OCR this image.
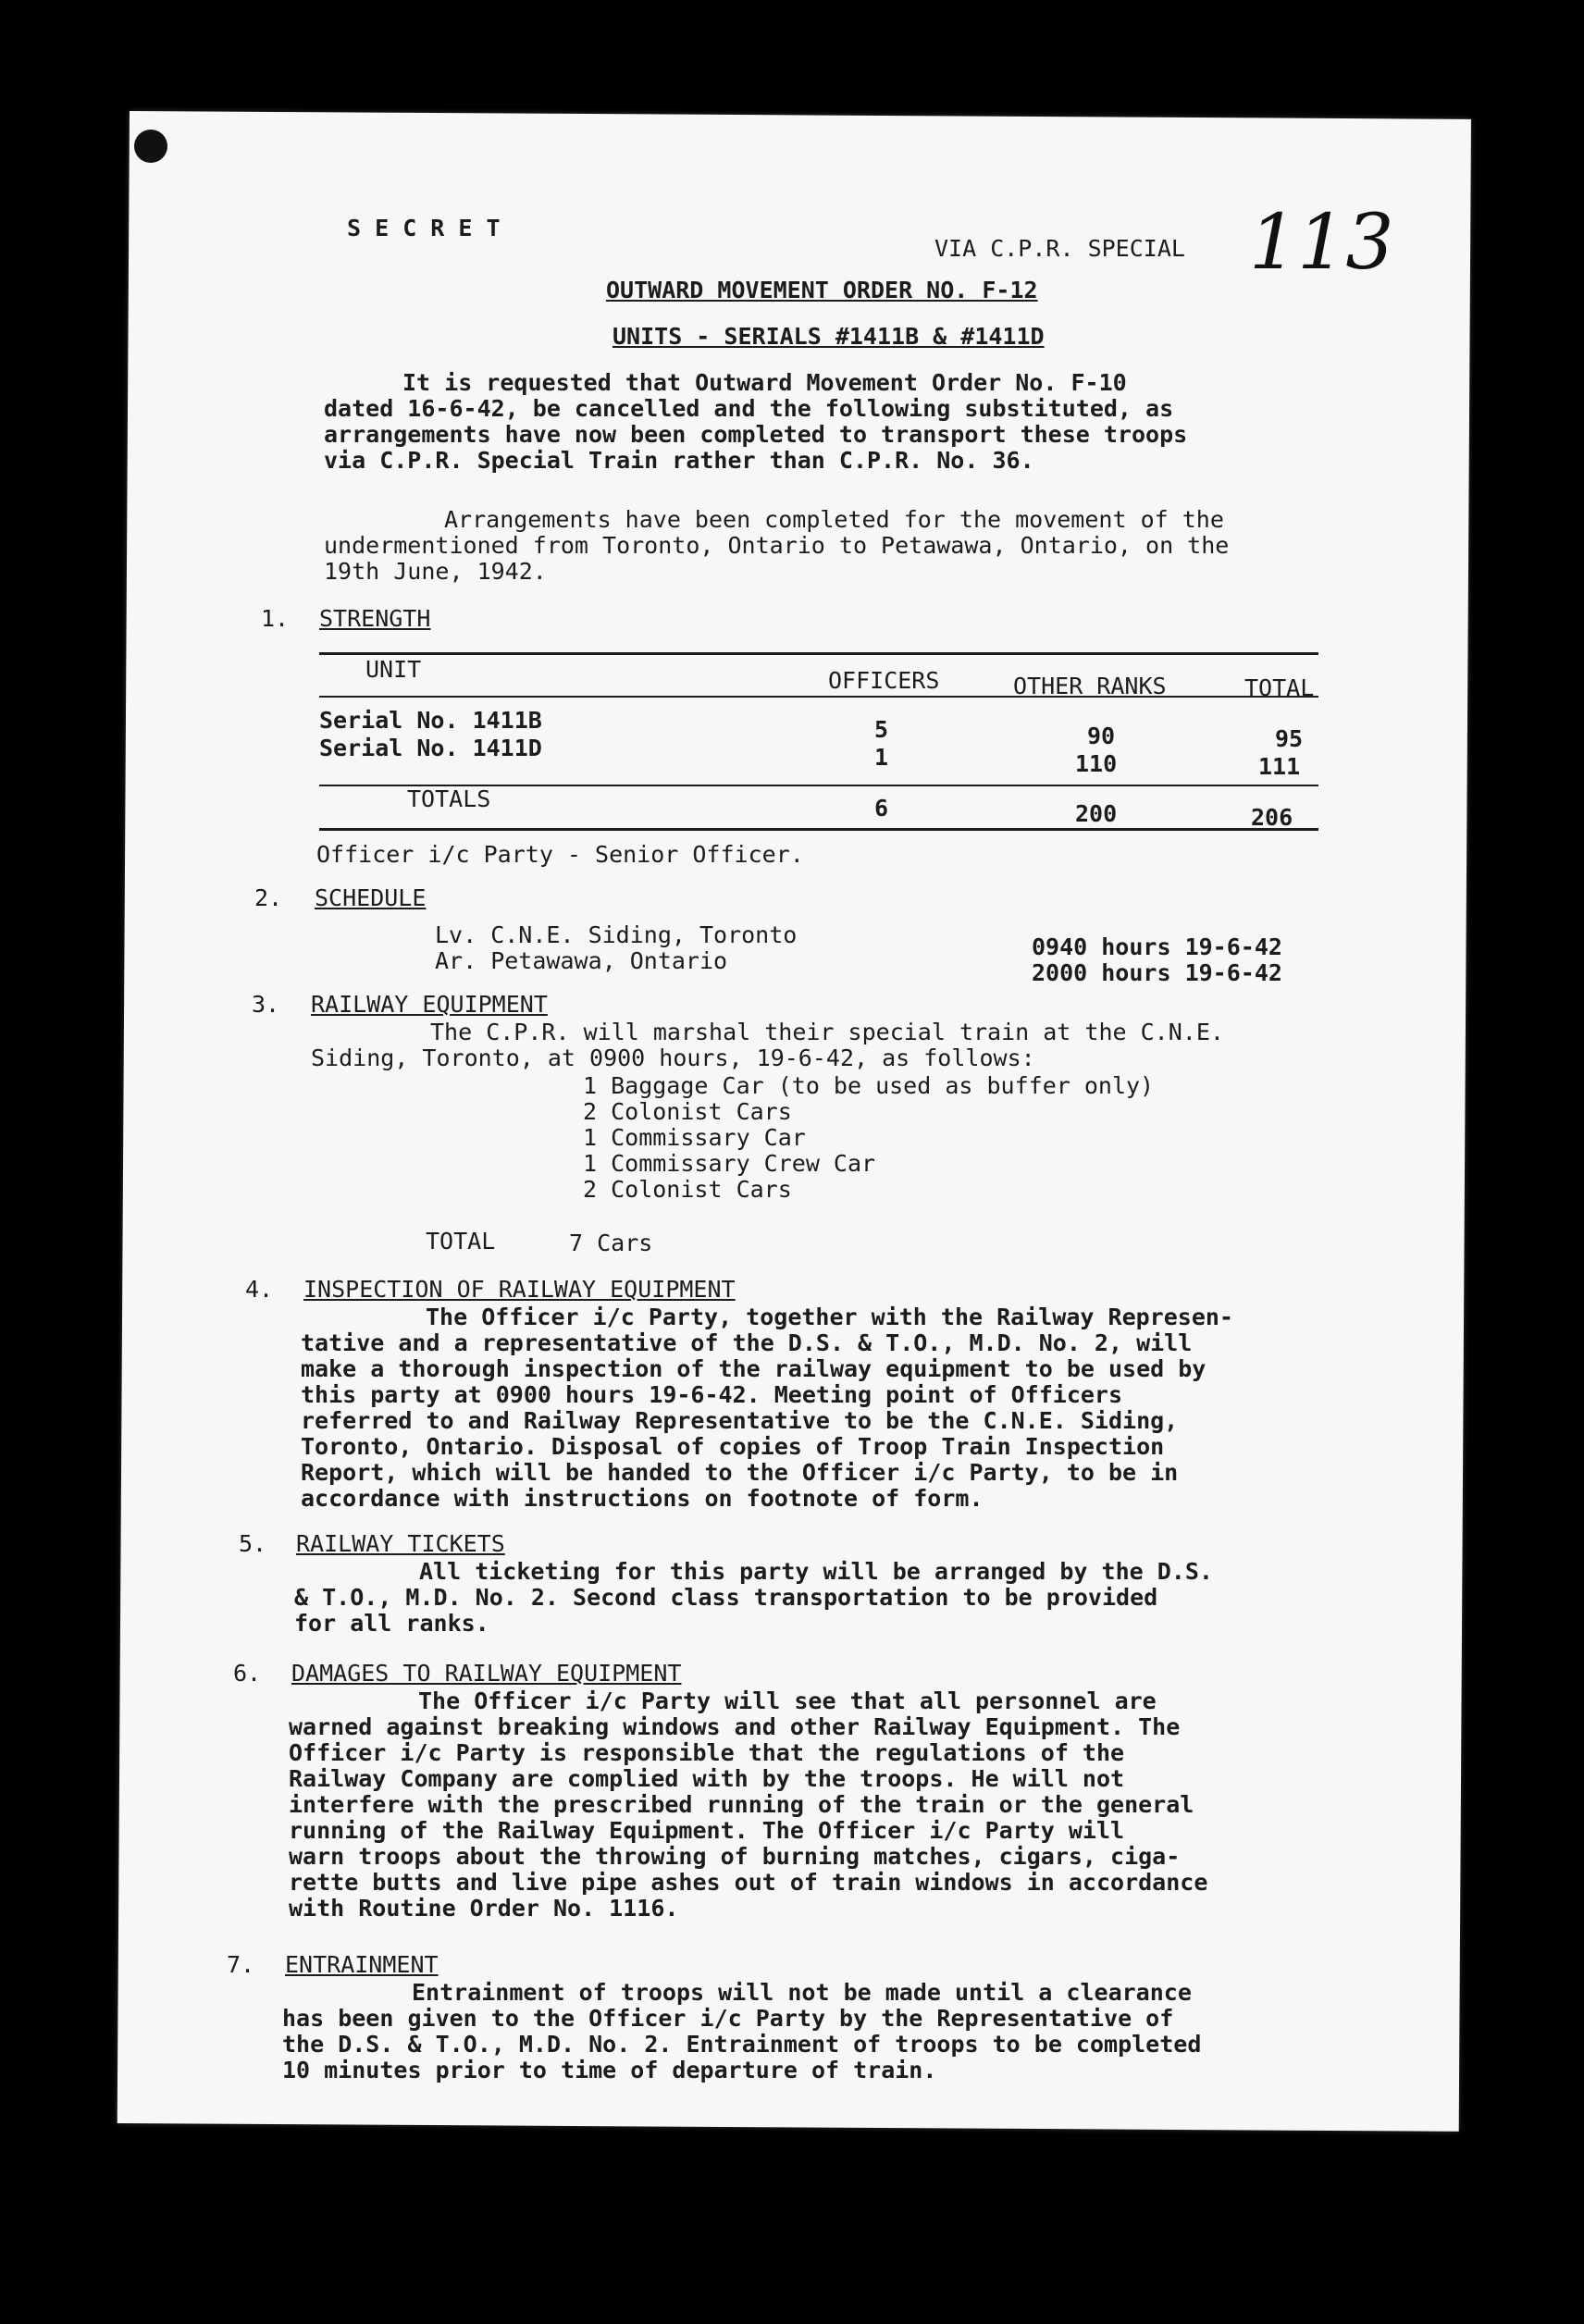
S E C R E T
VIA C.P.R. SPECIAL 113
OUTWARD MOVEMENT ORDER NO. F-12
UNITS - SERIALS #1411B & #1411D
It is requested that Outward Movement Order No. F-10
dated 16-6-42, be cancelled and the following substituted, as
arrangements have now been completed to transport these troops
via C.P.R. Special Train rather than C.P.R. No. 36.
Arrangements have been completed for the movement of the
undermentioned from Toronto, Ontario to Petawawa, Ontario, on the
19th June, 1942.
1. STRENGTH
UNIT	OFFICERS	OTHER RANKS	TOTAL
Serial No. 1411B	5	90	95
Serial No. 1411D	1	110	111
TOTALS	6	200	206
Officer i/c Party - Senior Officer.
2. SCHEDULE
Lv. C.N.E. Siding, Toronto	0940 hours 19-6-42
Ar. Petawawa, Ontario	2000 hours 19-6-42
3. RAILWAY EQUIPMENT
The C.P.R. will marshal their special train at the C.N.E.
Siding, Toronto, at 0900 hours, 19-6-42, as follows:
1 Baggage Car (to be used as buffer only)
2 Colonist Cars
1 Commissary Car
1 Commissary Crew Car
2 Colonist Cars
TOTAL	7 Cars
4. INSPECTION OF RAILWAY EQUIPMENT
The Officer i/c Party, together with the Railway Represen-
tative and a representative of the D.S. & T.O., M.D. No. 2, will
make a thorough inspection of the railway equipment to be used by
this party at 0900 hours 19-6-42. Meeting point of Officers
referred to and Railway Representative to be the C.N.E. Siding,
Toronto, Ontario. Disposal of copies of Troop Train Inspection
Report, which will be handed to the Officer i/c Party, to be in
accordance with instructions on footnote of form.
5. RAILWAY TICKETS
All ticketing for this party will be arranged by the D.S.
& T.O., M.D. No. 2. Second class transportation to be provided
for all ranks.
6. DAMAGES TO RAILWAY EQUIPMENT
The Officer i/c Party will see that all personnel are
warned against breaking windows and other Railway Equipment. The
Officer i/c Party is responsible that the regulations of the
Railway Company are complied with by the troops. He will not
interfere with the prescribed running of the train or the general
running of the Railway Equipment. The Officer i/c Party will
warn troops about the throwing of burning matches, cigars, ciga-
rette butts and live pipe ashes out of train windows in accordance
with Routine Order No. 1116.
7. ENTRAINMENT
Entrainment of troops will not be made until a clearance
has been given to the Officer i/c Party by the Representative of
the D.S. & T.O., M.D. No. 2. Entrainment of troops to be completed
10 minutes prior to time of departure of train.
